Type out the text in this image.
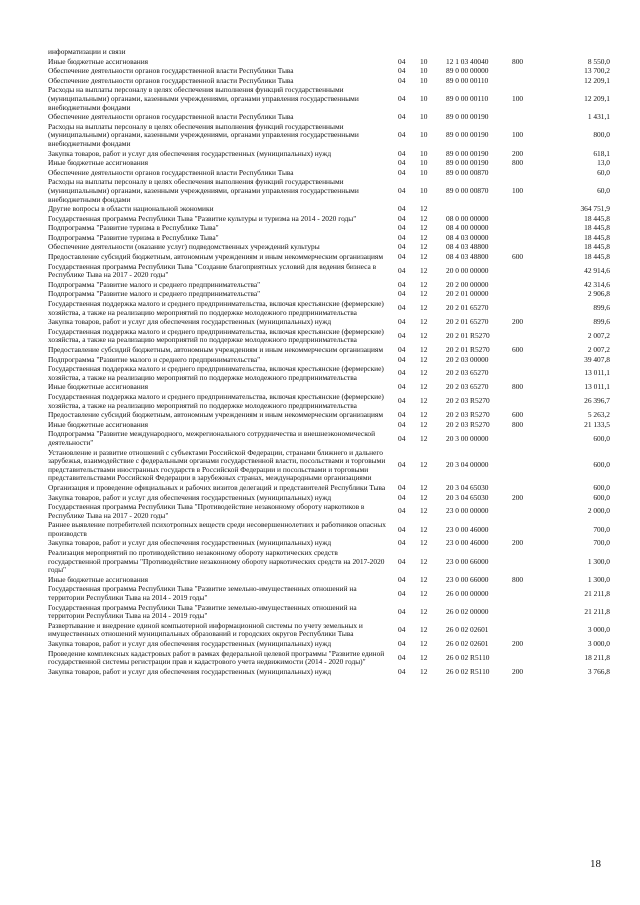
информатизации и связи					
Иные бюджетные ассигнования	04	10	12 1 03 40040	800	8 550,0
Обеспечение деятельности органов государственной власти Республики Тыва	04	10	89 0 00 00000		13 700,2
Обеспечение деятельности органов государственной власти Республики Тыва	04	10	89 0 00 00110		12 209,1
Расходы на выплаты персоналу в целях обеспечения выполнения функций государственными (муниципальными) органами, казенными учреждениями, органами управления государственными внебюджетными фондами	04	10	89 0 00 00110	100	12 209,1
Обеспечение деятельности органов государственной власти Республики Тыва	04	10	89 0 00 00190		1 431,1
Расходы на выплаты персоналу в целях обеспечения выполнения функций государственными (муниципальными) органами, казенными учреждениями, органами управления государственными внебюджетными фондами	04	10	89 0 00 00190	100	800,0
Закупка товаров, работ и услуг для обеспечения государственных (муниципальных) нужд	04	10	89 0 00 00190	200	618,1
Иные бюджетные ассигнования	04	10	89 0 00 00190	800	13,0
Обеспечение деятельности органов государственной власти Республики Тыва	04	10	89 0 00 00870		60,0
Расходы на выплаты персоналу в целях обеспечения выполнения функций государственными (муниципальными) органами, казенными учреждениями, органами управления государственными внебюджетными фондами	04	10	89 0 00 00870	100	60,0
Другие вопросы в области национальной экономики	04	12			364 751,9
Государственная программа Республики Тыва "Развитие культуры и туризма на 2014 - 2020 годы"	04	12	08 0 00 00000		18 445,8
Подпрограмма "Развитие туризма в Республике Тыва"	04	12	08 4 00 00000		18 445,8
Подпрограмма "Развитие туризма в Республике Тыва"	04	12	08 4 03 00000		18 445,8
Обеспечение деятельности (оказание услуг) подведомственных учреждений культуры	04	12	08 4 03 48800		18 445,8
Предоставление субсидий бюджетным, автономным учреждениям и иным некоммерческим организациям	04	12	08 4 03 48800	600	18 445,8
Государственная программа Республики Тыва "Создание благоприятных условий для ведения бизнеса в Республике Тыва на 2017 - 2020 годы"	04	12	20 0 00 00000		42 914,6
Подпрограмма "Развитие малого и среднего предпринимательства"	04	12	20 2 00 00000		42 314,6
Подпрограмма "Развитие малого и среднего предпринимательства"	04	12	20 2 01 00000		2 906,8
Государственная поддержка малого и среднего предпринимательства, включая крестьянские (фермерские) хозяйства, а также на реализацию мероприятий по поддержке молодежного предпринимательства	04	12	20 2 01 65270		899,6
Закупка товаров, работ и услуг для обеспечения государственных (муниципальных) нужд	04	12	20 2 01 65270	200	899,6
Государственная поддержка малого и среднего предпринимательства, включая крестьянские (фермерские) хозяйства, а также на реализацию мероприятий по поддержке молодежного предпринимательства	04	12	20 2 01 R5270		2 007,2
Предоставление субсидий бюджетным, автономным учреждениям и иным некоммерческим организациям	04	12	20 2 01 R5270	600	2 007,2
Подпрограмма "Развитие малого и среднего предпринимательства"	04	12	20 2 03 00000		39 407,8
Государственная поддержка малого и среднего предпринимательства, включая крестьянские (фермерские) хозяйства, а также на реализацию мероприятий по поддержке молодежного предпринимательства	04	12	20 2 03 65270		13 011,1
Иные бюджетные ассигнования	04	12	20 2 03 65270	800	13 011,1
Государственная поддержка малого и среднего предпринимательства, включая крестьянские (фермерские) хозяйства, а также на реализацию мероприятий по поддержке молодежного предпринимательства	04	12	20 2 03 R5270		26 396,7
Предоставление субсидий бюджетным, автономным учреждениям и иным некоммерческим организациям	04	12	20 2 03 R5270	600	5 263,2
Иные бюджетные ассигнования	04	12	20 2 03 R5270	800	21 133,5
Подпрограмма "Развитие международного, межрегионального сотрудничества и внешнеэкономической деятельности"	04	12	20 3 00 00000		600,0
Установление и развитие отношений с субъектами Российской Федерации, странами ближнего и дальнего зарубежья, взаимодействие с федеральными органами государственной власти, посольствами и торговыми представительствами иностранных государств в Российской Федерации и посольствами и торговыми представительствами Российской Федерации в зарубежных странах, международными организациями	04	12	20 3 04 00000		600,0
Организация и проведение официальных и рабочих визитов делегаций и представителей Республики Тыва	04	12	20 3 04 65030		600,0
Закупка товаров, работ и услуг для обеспечения государственных (муниципальных) нужд	04	12	20 3 04 65030	200	600,0
Государственная программа Республики Тыва "Противодействие незаконному обороту наркотиков в Республике Тыва на 2017 - 2020 годы"	04	12	23 0 00 00000		2 000,0
Раннее выявление потребителей психотропных веществ среди несовершеннолетних и работников опасных производств	04	12	23 0 00 46000		700,0
Закупка товаров, работ и услуг для обеспечения государственных (муниципальных) нужд	04	12	23 0 00 46000	200	700,0
Реализация мероприятий по противодействию незаконному обороту наркотических средств государственной программы "Противодействие незаконному обороту наркотических средств на 2017-2020 годы"	04	12	23 0 00 66000		1 300,0
Иные бюджетные ассигнования	04	12	23 0 00 66000	800	1 300,0
Государственная программа Республики Тыва "Развитие земельно-имущественных отношений на территории Республики Тыва на 2014 - 2019 годы"	04	12	26 0 00 00000		21 211,8
Государственная программа Республики Тыва "Развитие земельно-имущественных отношений на территории Республики Тыва на 2014 - 2019 годы"	04	12	26 0 02 00000		21 211,8
Развертывание и внедрение единой компьютерной информационной системы по учету земельных и имущественных отношений муниципальных образований и городских округов Республики Тыва	04	12	26 0 02 02601		3 000,0
Закупка товаров, работ и услуг для обеспечения государственных (муниципальных) нужд	04	12	26 0 02 02601	200	3 000,0
Проведение комплексных кадастровых работ в рамках федеральной целевой программы "Развитие единой государственной системы регистрации прав и кадастрового учета недвижимости (2014 - 2020 годы)"	04	12	26 0 02 R5110		18 211,8
Закупка товаров, работ и услуг для обеспечения государственных (муниципальных) нужд	04	12	26 0 02 R5110	200	3 766,8
18
